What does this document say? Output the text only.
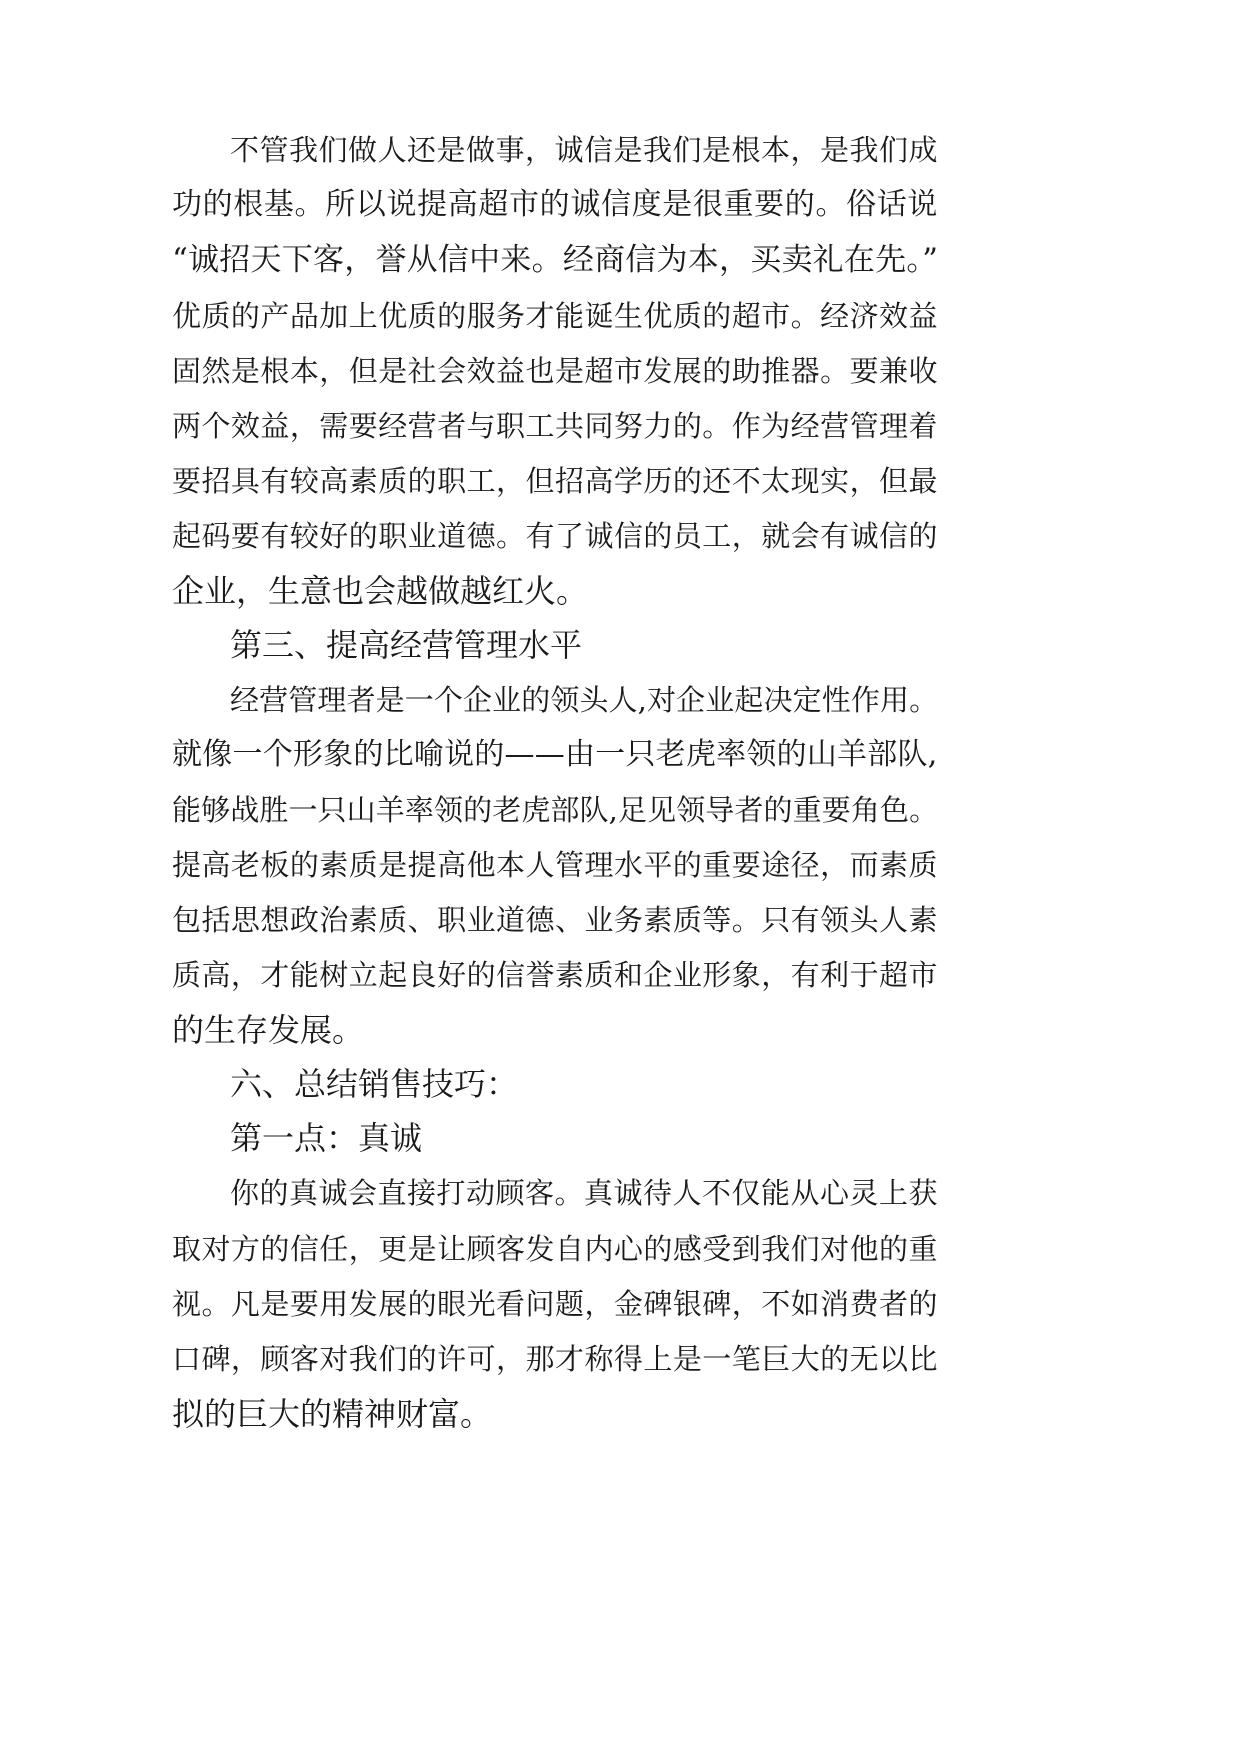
不管我们做人还是做事，诚信是我们是根本，是我们成
功的根基。所以说提高超市的诚信度是很重要的。俗话说
“诚招天下客，誉从信中来。经商信为本，买卖礼在先。”
优质的产品加上优质的服务才能诞生优质的超市。经济效益
固然是根本，但是社会效益也是超市发展的助推器。要兼收
两个效益，需要经营者与职工共同努力的。作为经营管理着
要招具有较高素质的职工，但招高学历的还不太现实，但最
起码要有较好的职业道德。有了诚信的员工，就会有诚信的
企业，生意也会越做越红火。
第三、提高经营管理水平
经营管理者是一个企业的领头人,对企业起决定性作用。
就像一个形象的比喻说的——由一只老虎率领的山羊部队,
能够战胜一只山羊率领的老虎部队,足见领导者的重要角色。
提高老板的素质是提高他本人管理水平的重要途径，而素质
包括思想政治素质、职业道德、业务素质等。只有领头人素
质高，才能树立起良好的信誉素质和企业形象，有利于超市
的生存发展。
六、总结销售技巧：
第一点：真诚
你的真诚会直接打动顾客。真诚待人不仅能从心灵上获
取对方的信任，更是让顾客发自内心的感受到我们对他的重
视。凡是要用发展的眼光看问题，金碑银碑，不如消费者的
口碑，顾客对我们的许可，那才称得上是一笔巨大的无以比
拟的巨大的精神财富。
